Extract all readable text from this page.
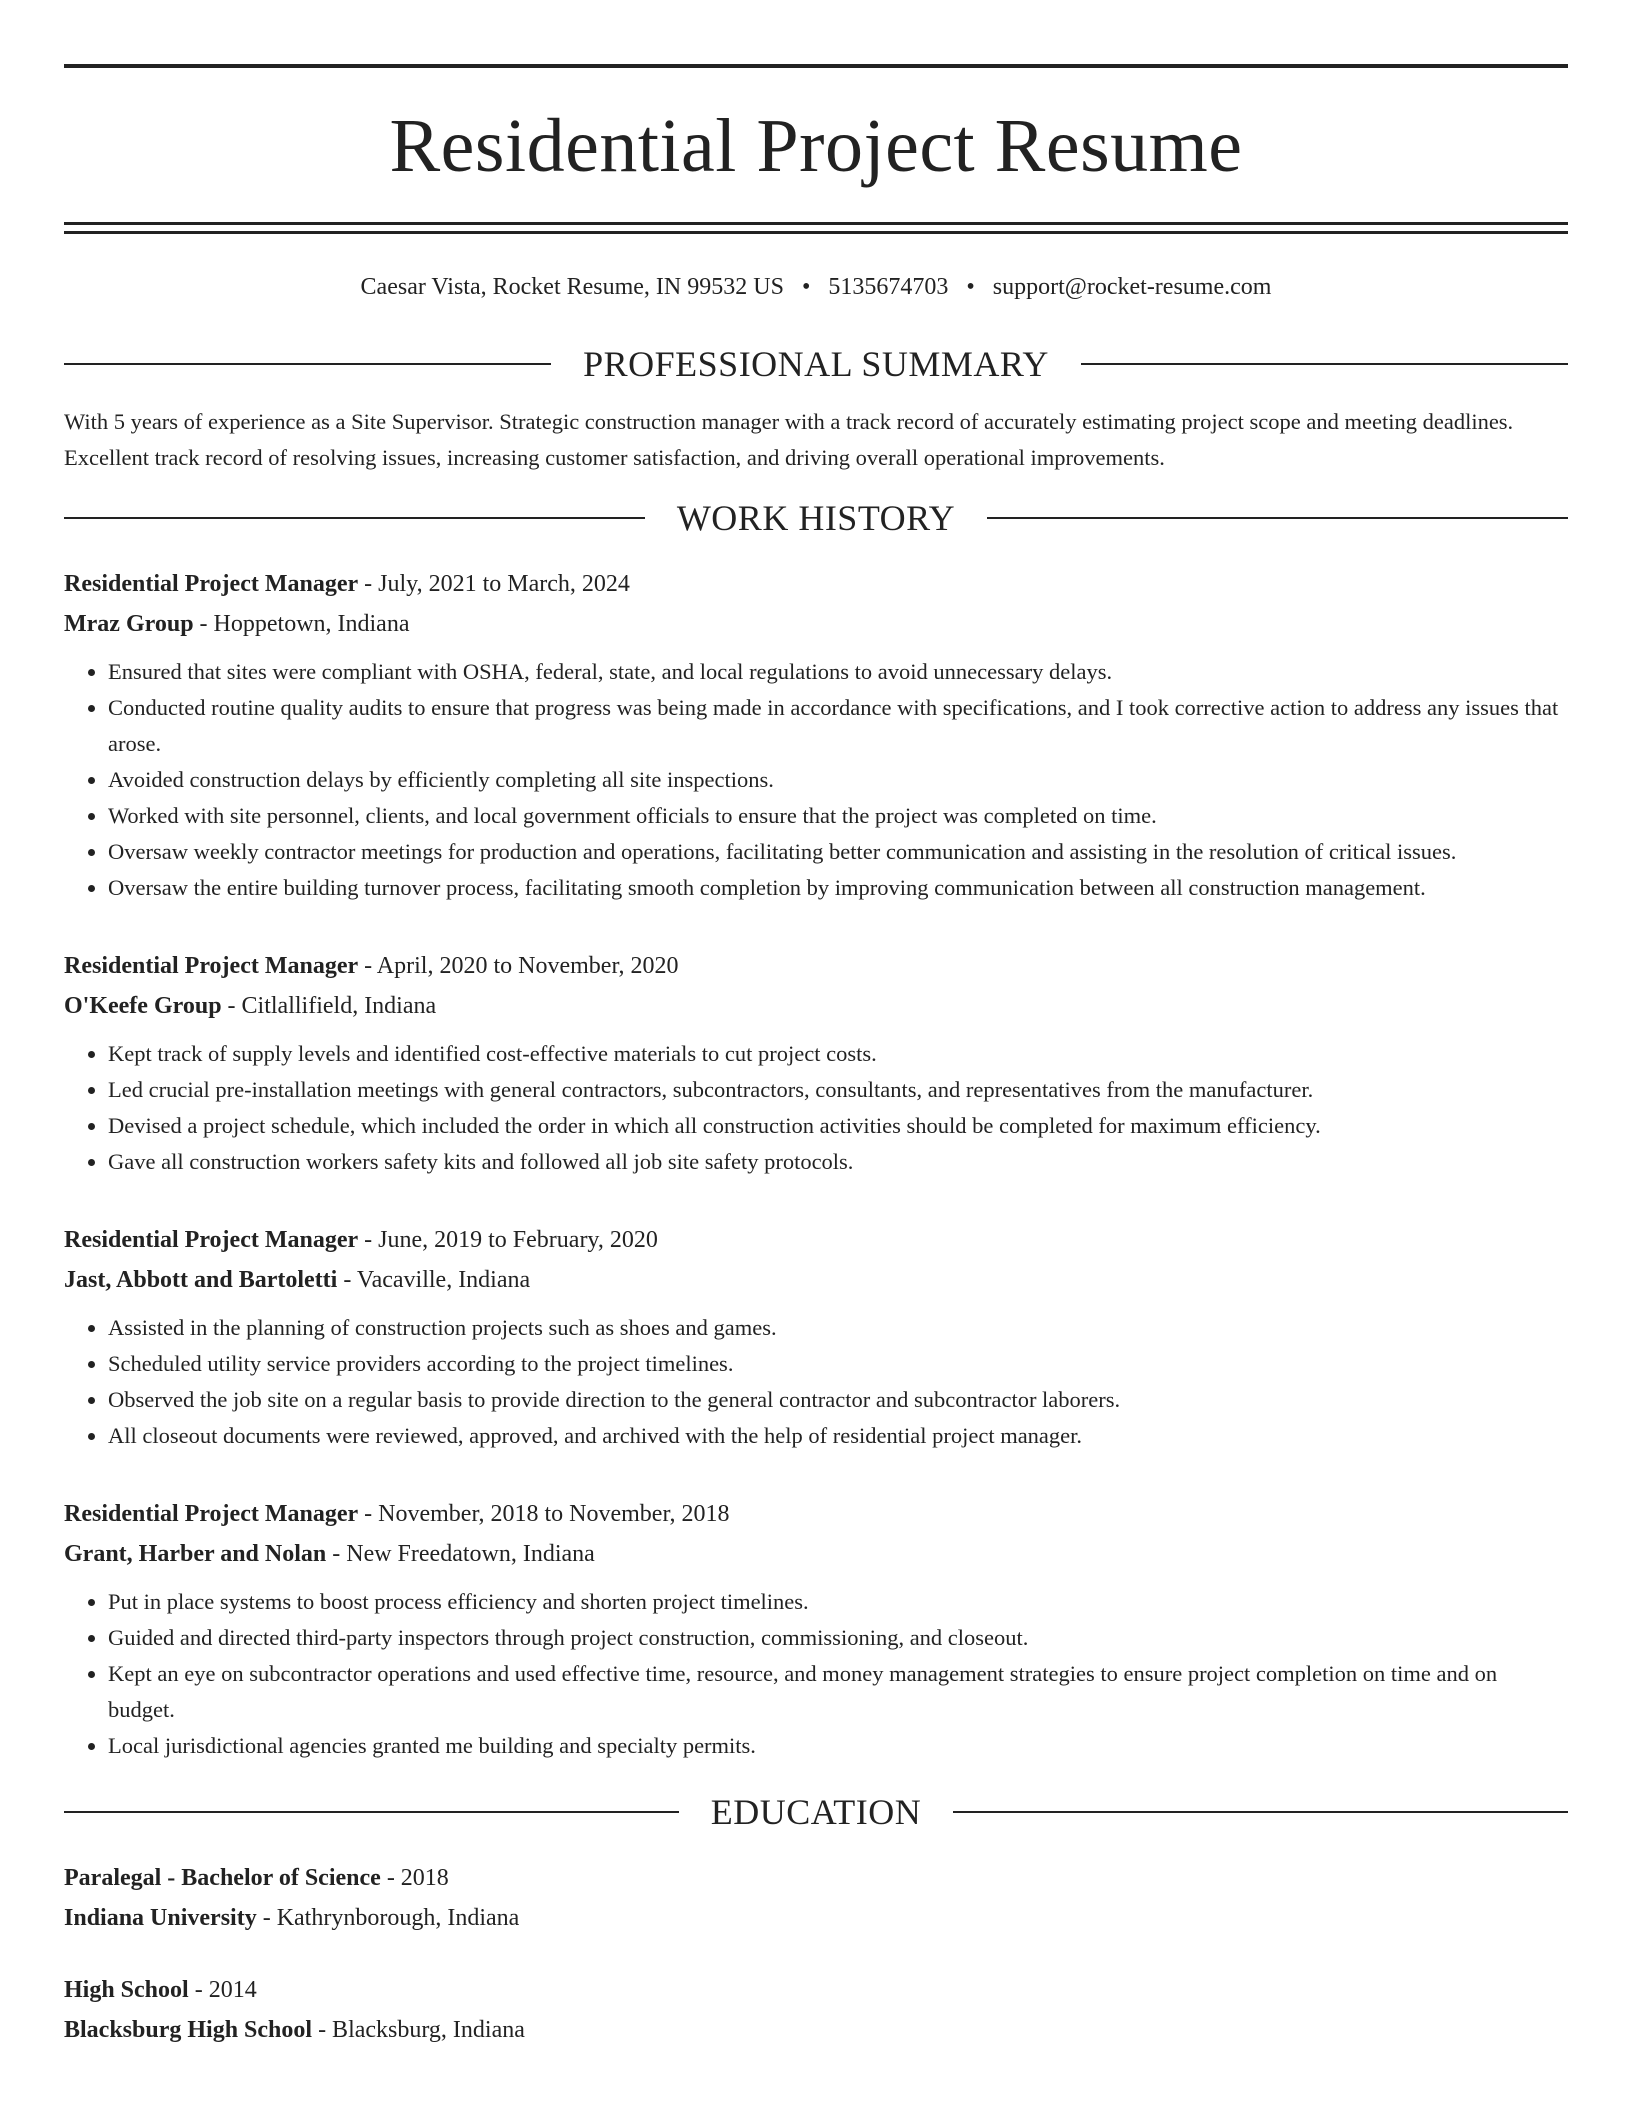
Residential Project Resume
Caesar Vista, Rocket Resume, IN 99532 US • 5135674703 • support@rocket-resume.com
PROFESSIONAL SUMMARY
With 5 years of experience as a Site Supervisor. Strategic construction manager with a track record of accurately estimating project scope and meeting deadlines. Excellent track record of resolving issues, increasing customer satisfaction, and driving overall operational improvements.
WORK HISTORY
Residential Project Manager - July, 2021 to March, 2024
Mraz Group - Hoppetown, Indiana
• Ensured that sites were compliant with OSHA, federal, state, and local regulations to avoid unnecessary delays.
• Conducted routine quality audits to ensure that progress was being made in accordance with specifications, and I took corrective action to address any issues that arose.
• Avoided construction delays by efficiently completing all site inspections.
• Worked with site personnel, clients, and local government officials to ensure that the project was completed on time.
• Oversaw weekly contractor meetings for production and operations, facilitating better communication and assisting in the resolution of critical issues.
• Oversaw the entire building turnover process, facilitating smooth completion by improving communication between all construction management.
Residential Project Manager - April, 2020 to November, 2020
O'Keefe Group - Citlallifield, Indiana
• Kept track of supply levels and identified cost-effective materials to cut project costs.
• Led crucial pre-installation meetings with general contractors, subcontractors, consultants, and representatives from the manufacturer.
• Devised a project schedule, which included the order in which all construction activities should be completed for maximum efficiency.
• Gave all construction workers safety kits and followed all job site safety protocols.
Residential Project Manager - June, 2019 to February, 2020
Jast, Abbott and Bartoletti - Vacaville, Indiana
• Assisted in the planning of construction projects such as shoes and games.
• Scheduled utility service providers according to the project timelines.
• Observed the job site on a regular basis to provide direction to the general contractor and subcontractor laborers.
• All closeout documents were reviewed, approved, and archived with the help of residential project manager.
Residential Project Manager - November, 2018 to November, 2018
Grant, Harber and Nolan - New Freedatown, Indiana
• Put in place systems to boost process efficiency and shorten project timelines.
• Guided and directed third-party inspectors through project construction, commissioning, and closeout.
• Kept an eye on subcontractor operations and used effective time, resource, and money management strategies to ensure project completion on time and on budget.
• Local jurisdictional agencies granted me building and specialty permits.
EDUCATION
Paralegal - Bachelor of Science - 2018
Indiana University - Kathrynborough, Indiana
High School - 2014
Blacksburg High School - Blacksburg, Indiana
